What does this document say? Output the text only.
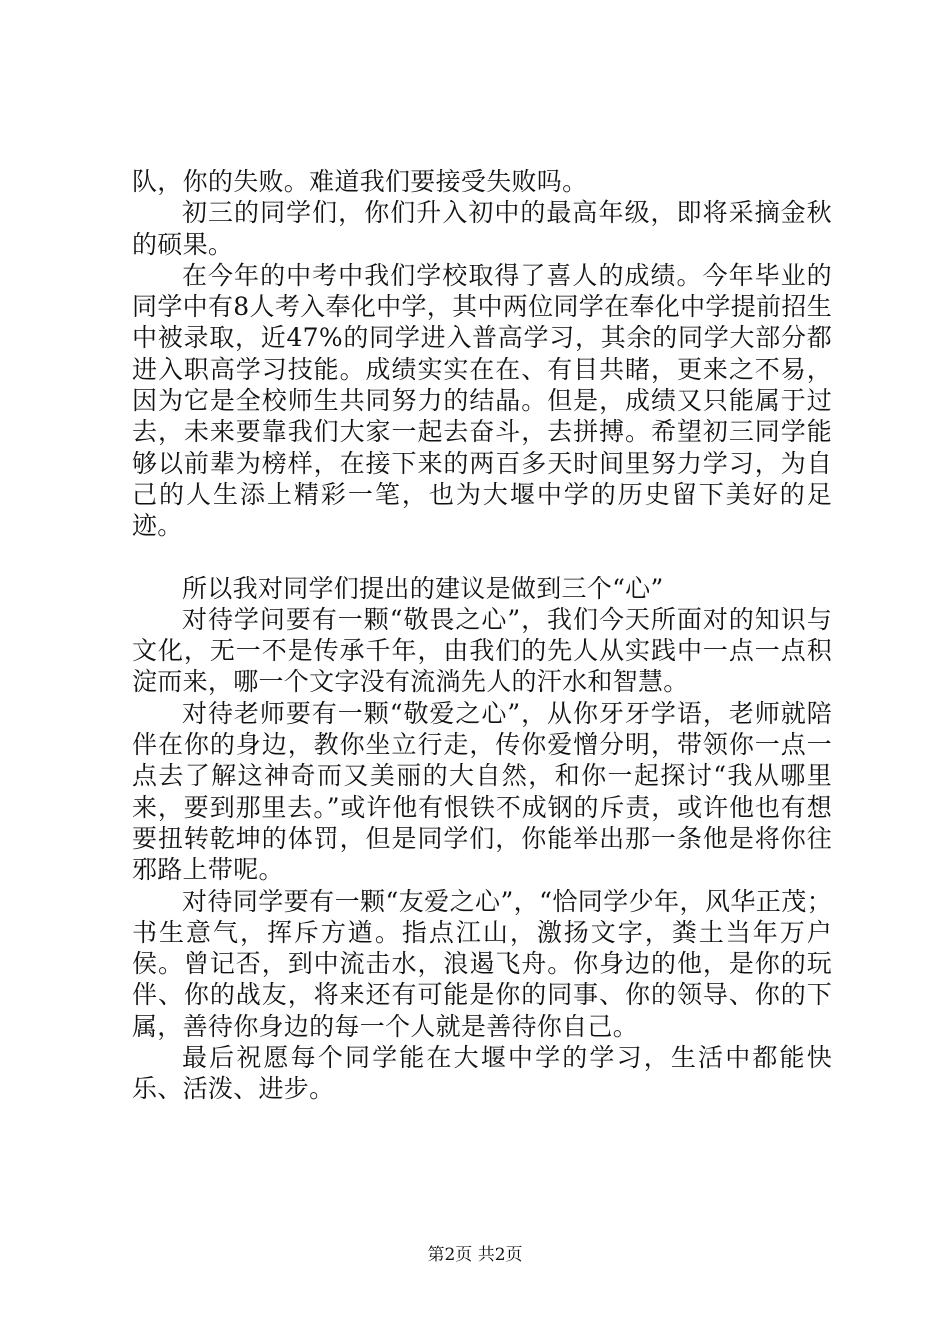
队，你的失败。难道我们要接受失败吗。

初三的同学们，你们升入初中的最高年级，即将采摘金秋的硕果。

在今年的中考中我们学校取得了喜人的成绩。今年毕业的同学中有8人考入奉化中学，其中两位同学在奉化中学提前招生中被录取，近47%的同学进入普高学习，其余的同学大部分都进入职高学习技能。成绩实实在在、有目共睹，更来之不易，因为它是全校师生共同努力的结晶。但是，成绩又只能属于过去，未来要靠我们大家一起去奋斗，去拼搏。希望初三同学能够以前辈为榜样，在接下来的两百多天时间里努力学习，为自己的人生添上精彩一笔，也为大堰中学的历史留下美好的足迹。

所以我对同学们提出的建议是做到三个“心”

对待学问要有一颗“敬畏之心”，我们今天所面对的知识与文化，无一不是传承千年，由我们的先人从实践中一点一点积淀而来，哪一个文字没有流淌先人的汗水和智慧。

对待老师要有一颗“敬爱之心”，从你牙牙学语，老师就陪伴在你的身边，教你坐立行走，传你爱憎分明，带领你一点一点去了解这神奇而又美丽的大自然，和你一起探讨“我从哪里来，要到那里去。”或许他有恨铁不成钢的斥责，或许他也有想要扭转乾坤的体罚，但是同学们，你能举出那一条他是将你往邪路上带呢。

对待同学要有一颗“友爱之心”，“恰同学少年，风华正茂；书生意气，挥斥方遒。指点江山，激扬文字，粪土当年万户侯。曾记否，到中流击水，浪遏飞舟。你身边的他，是你的玩伴、你的战友，将来还有可能是你的同事、你的领导、你的下属，善待你身边的每一个人就是善待你自己。

最后祝愿每个同学能在大堰中学的学习，生活中都能快乐、活泼、进步。

第2页 共2页
